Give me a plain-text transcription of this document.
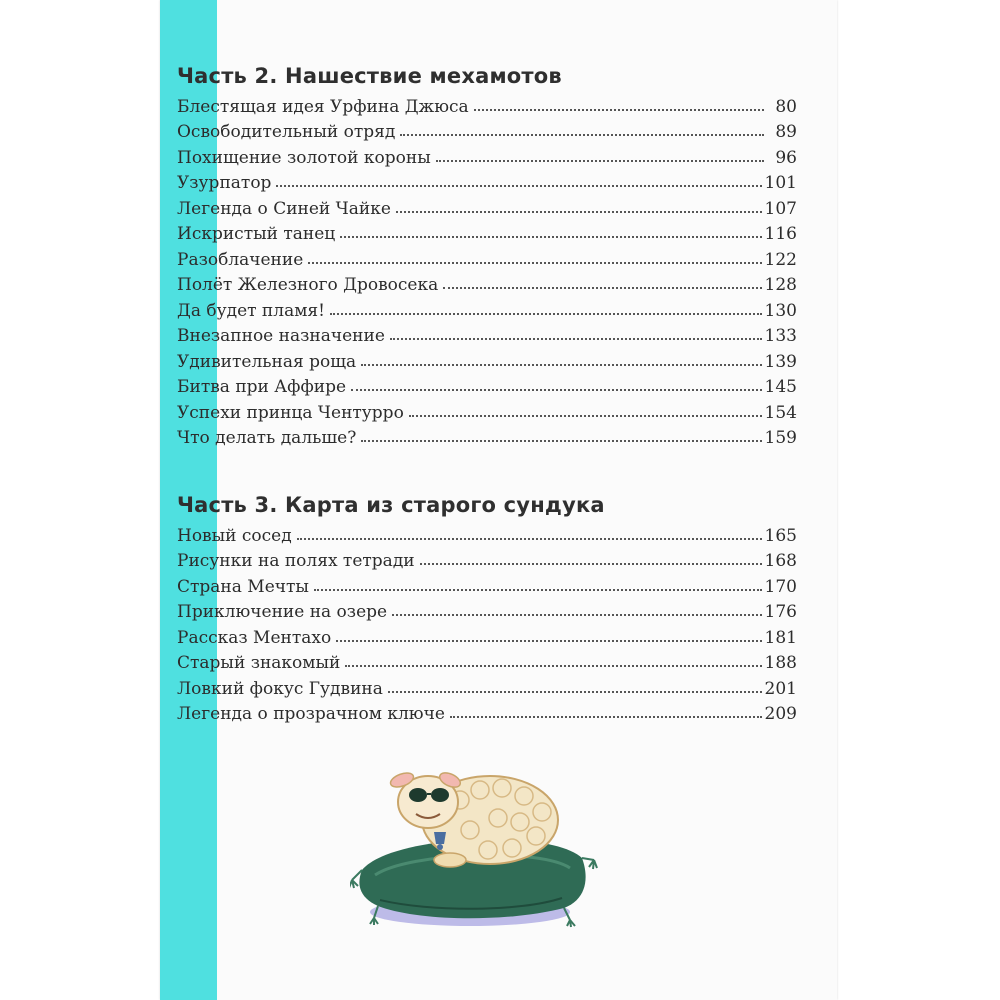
Часть 2. Нашествие мехамотов
Блестящая идея Урфина Джюса	80
Освободительный отряд	89
Похищение золотой короны	96
Узурпатор	101
Легенда о Синей Чайке	107
Искристый танец	116
Разоблачение	122
Полёт Железного Дровосека	128
Да будет пламя!	130
Внезапное назначение	133
Удивительная роща	139
Битва при Аффире	145
Успехи принца Чентурро	154
Что делать дальше?	159
Часть 3. Карта из старого сундука
Новый сосед	165
Рисунки на полях тетради	168
Страна Мечты	170
Приключение на озере	176
Рассказ Ментахо	181
Старый знакомый	188
Ловкий фокус Гудвина	201
Легенда о прозрачном ключе	209
